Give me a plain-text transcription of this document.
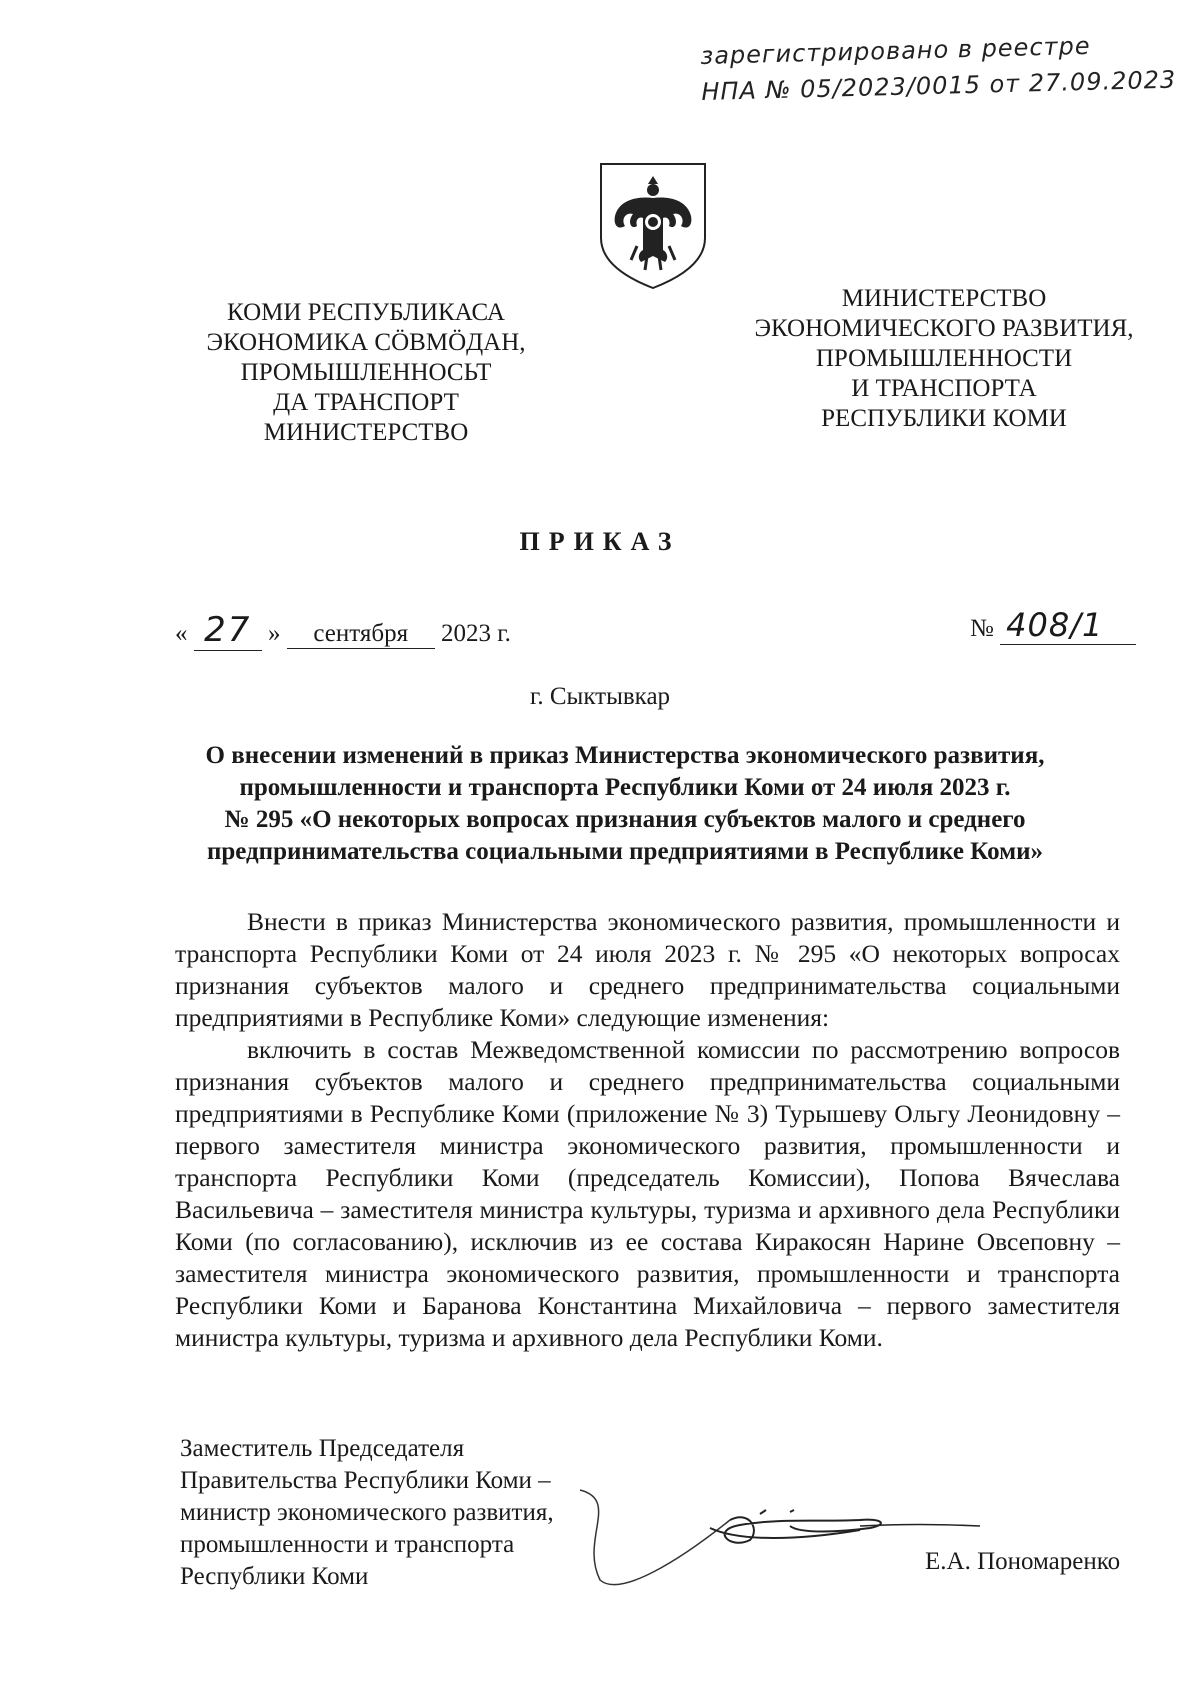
зарегистрировано в реестре
НПА № 05/2023/0015 от 27.09.2023
КОМИ РЕСПУБЛИКАСА
ЭКОНОМИКА СӦВМӦДАН,
ПРОМЫШЛЕННОСЬТ
ДА ТРАНСПОРТ
МИНИСТЕРСТВО
МИНИСТЕРСТВО
ЭКОНОМИЧЕСКОГО РАЗВИТИЯ,
ПРОМЫШЛЕННОСТИ
И ТРАНСПОРТА
РЕСПУБЛИКИ КОМИ
ПРИКАЗ
« 27 » сентября 2023 г.	№ 408/1
г. Сыктывкар
О внесении изменений в приказ Министерства экономического развития,
промышленности и транспорта Республики Коми от 24 июля 2023 г.
№ 295 «О некоторых вопросах признания субъектов малого и среднего
предпринимательства социальными предприятиями в Республике Коми»

Внести в приказ Министерства экономического развития, промышленности и транспорта Республики Коми от 24 июля 2023 г. № 295 «О некоторых вопросах признания субъектов малого и среднего предпринимательства социальными предприятиями в Республике Коми» следующие изменения:

включить в состав Межведомственной комиссии по рассмотрению вопросов признания субъектов малого и среднего предпринимательства социальными предприятиями в Республике Коми (приложение № 3) Турышеву Ольгу Леонидовну – первого заместителя министра экономического развития, промышленности и транспорта Республики Коми (председатель Комиссии), Попова Вячеслава Васильевича – заместителя министра культуры, туризма и архивного дела Республики Коми (по согласованию), исключив из ее состава Киракосян Нарине Овсеповну – заместителя министра экономического развития, промышленности и транспорта Республики Коми и Баранова Константина Михайловича – первого заместителя министра культуры, туризма и архивного дела Республики Коми.

Заместитель Председателя
Правительства Республики Коми –
министр экономического развития,
промышленности и транспорта
Республики Коми
Е.А. Пономаренко
